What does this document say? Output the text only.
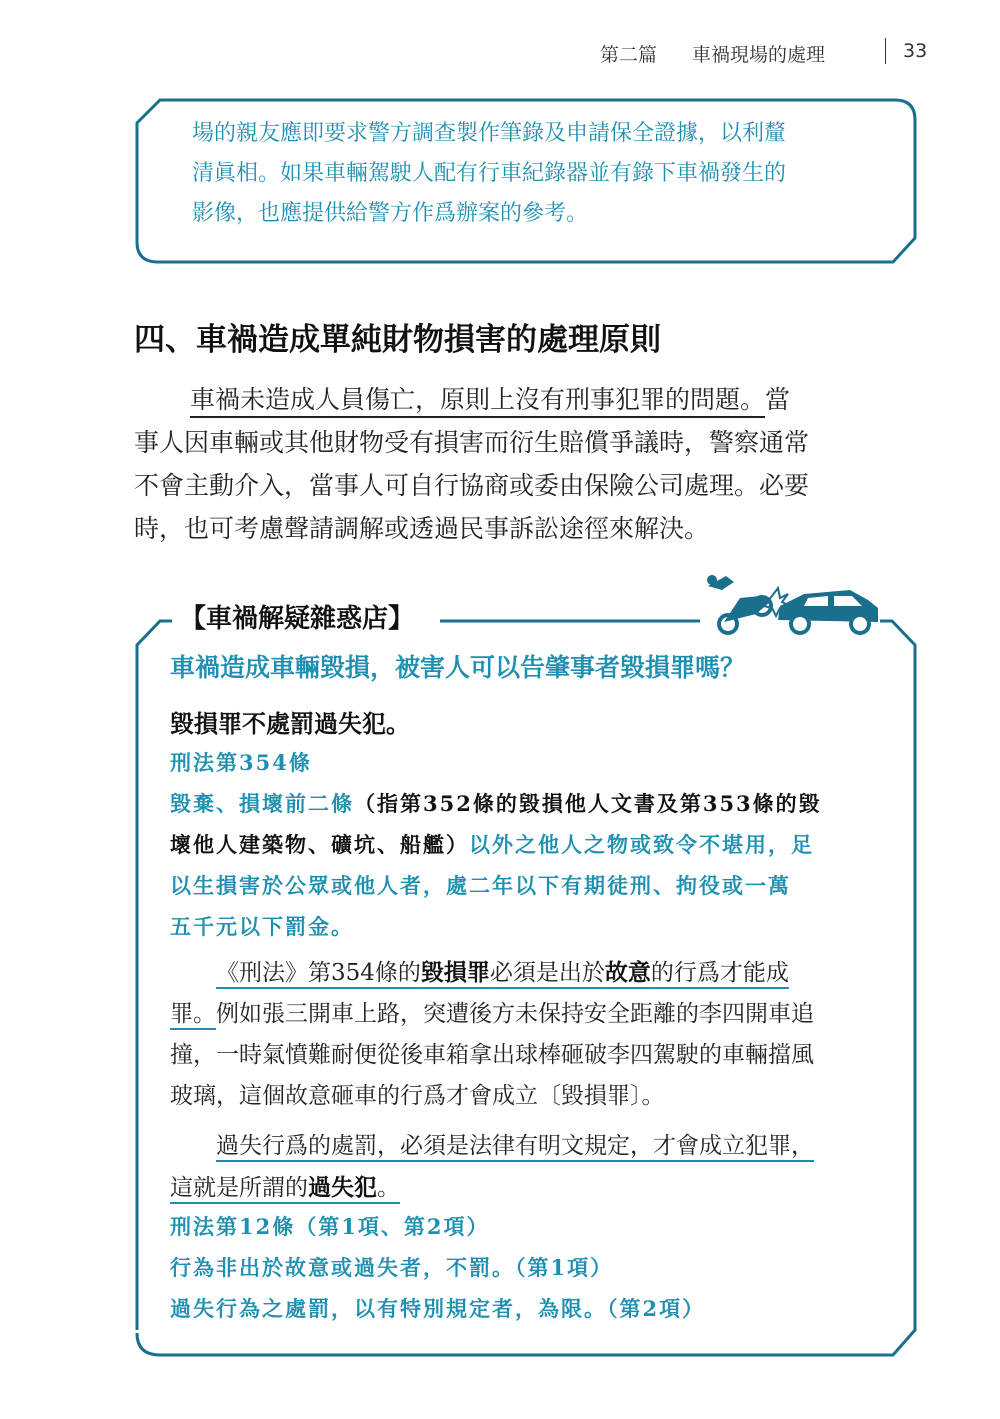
第二篇 車禍現場的處理	33
場的親友應即要求警方調查製作筆錄及申請保全證據，以利釐
清眞相。如果車輛駕駛人配有行車紀錄器並有錄下車禍發生的
影像，也應提供給警方作爲辦案的參考。
四、車禍造成單純財物損害的處理原則
車禍未造成人員傷亡，原則上沒有刑事犯罪的問題。當
事人因車輛或其他財物受有損害而衍生賠償爭議時，警察通常
不會主動介入，當事人可自行協商或委由保險公司處理。必要
時，也可考慮聲請調解或透過民事訴訟途徑來解決。
【車禍解疑雜惑店】
車禍造成車輛毀損，被害人可以告肇事者毀損罪嗎？
毀損罪不處罰過失犯。
刑法第354條
毀棄、損壞前二條（指第352條的毀損他人文書及第353條的毀
壞他人建築物、礦坑、船艦）以外之他人之物或致令不堪用，足
以生損害於公眾或他人者，處二年以下有期徒刑、拘役或一萬
五千元以下罰金。
《刑法》第354條的毀損罪必須是出於故意的行爲才能成
罪。例如張三開車上路，突遭後方未保持安全距離的李四開車追
撞，一時氣憤難耐便從後車箱拿出球棒砸破李四駕駛的車輛擋風
玻璃，這個故意砸車的行爲才會成立〔毀損罪〕。
過失行爲的處罰，必須是法律有明文規定，才會成立犯罪，
這就是所謂的過失犯。
刑法第12條（第1項、第2項）
行為非出於故意或過失者，不罰。（第1項）
過失行為之處罰，以有特別規定者，為限。（第2項）
